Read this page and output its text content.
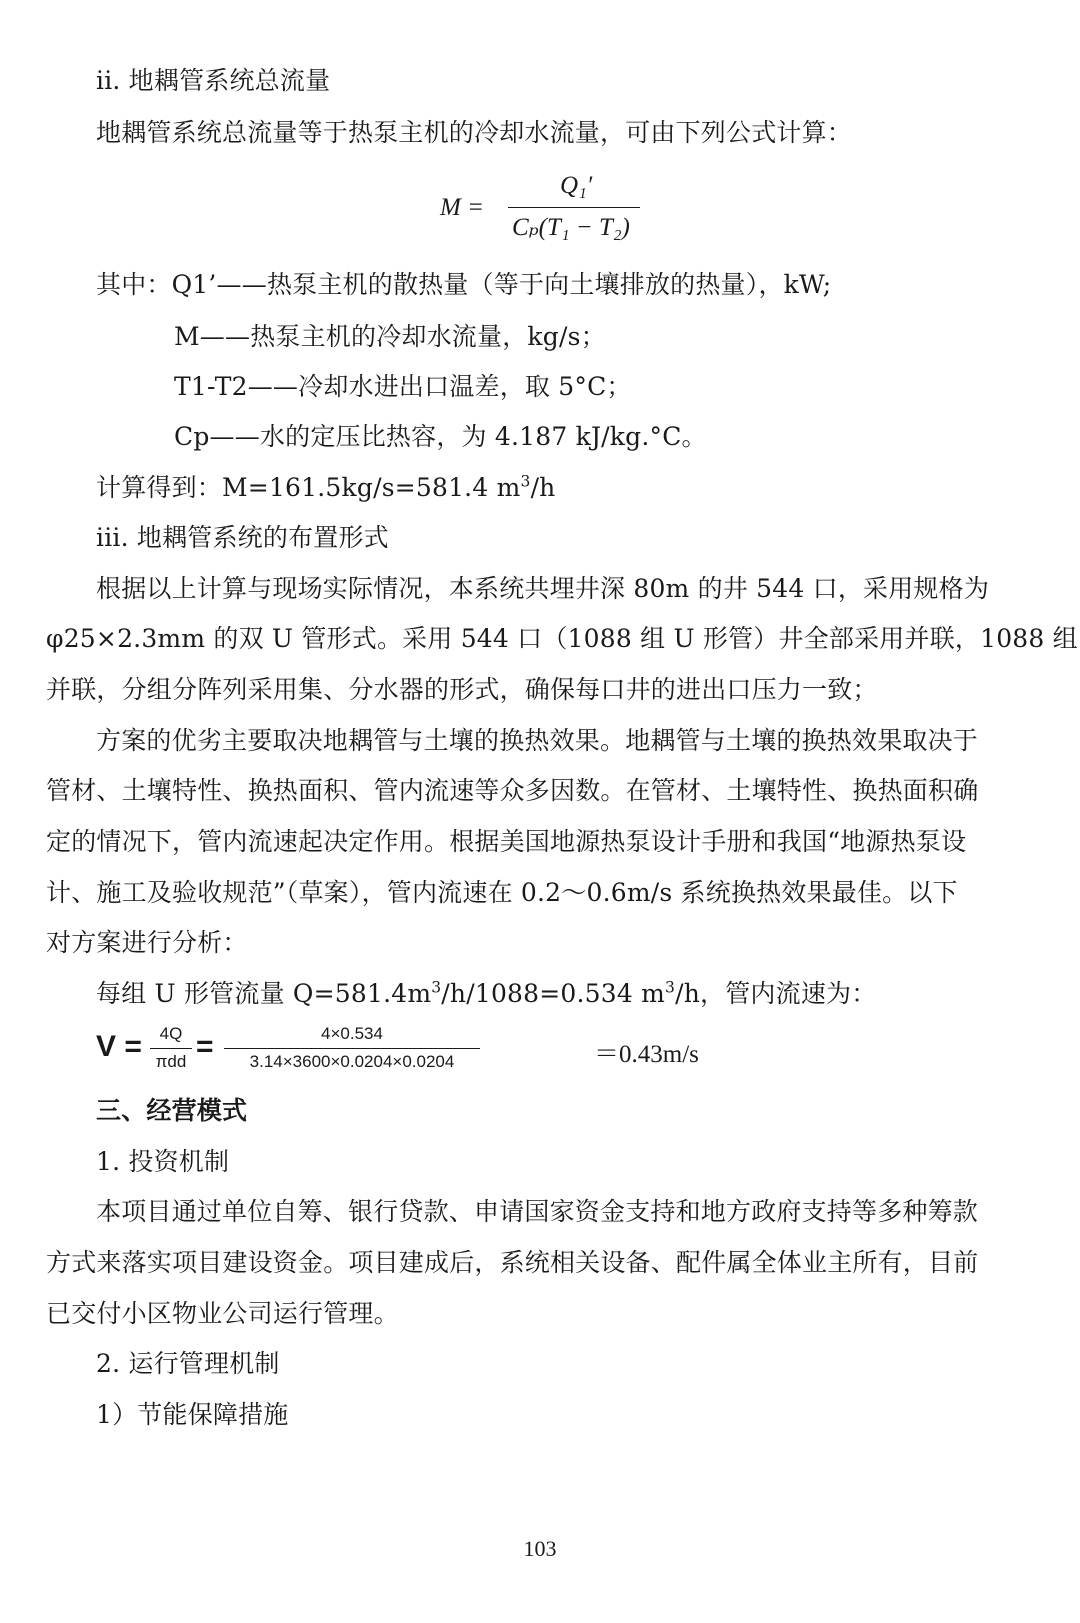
ii. 地耦管系统总流量
地耦管系统总流量等于热泵主机的冷却水流量，可由下列公式计算：
M =
Q₁′
Cₚ(T₁ − T₂)
其中：Q1’——热泵主机的散热量（等于向土壤排放的热量），kW;
M——热泵主机的冷却水流量，kg/s；
T1-T2——冷却水进出口温差，取 5°C；
Cp——水的定压比热容，为 4.187 kJ/kg.°C。
计算得到：M=161.5kg/s=581.4 $m^3/h$
iii. 地耦管系统的布置形式
根据以上计算与现场实际情况，本系统共埋井深 80m 的井 544 口，采用规格为
φ25×2.3mm 的双 U 管形式。采用 544 口（1088 组 U 形管）井全部采用并联，1088 组
并联，分组分阵列采用集、分水器的形式，确保每口井的进出口压力一致；
方案的优劣主要取决地耦管与土壤的换热效果。地耦管与土壤的换热效果取决于
管材、土壤特性、换热面积、管内流速等众多因数。在管材、土壤特性、换热面积确
定的情况下，管内流速起决定作用。根据美国地源热泵设计手册和我国“地源热泵设
计、施工及验收规范”（草案），管内流速在 0.2～0.6m/s 系统换热效果最佳。以下
对方案进行分析：
每组 U 形管流量 $Q=581.4m^3/h/1088=0.534$ $m^3/h$，管内流速为：
V =	4Q
πdd =	4×0.534
3.14×3600×0.0204×0.0204	＝0.43m/s
三、经营模式
1. 投资机制
本项目通过单位自筹、银行贷款、申请国家资金支持和地方政府支持等多种筹款
方式来落实项目建设资金。项目建成后，系统相关设备、配件属全体业主所有，目前
已交付小区物业公司运行管理。
2. 运行管理机制
1）节能保障措施
103
